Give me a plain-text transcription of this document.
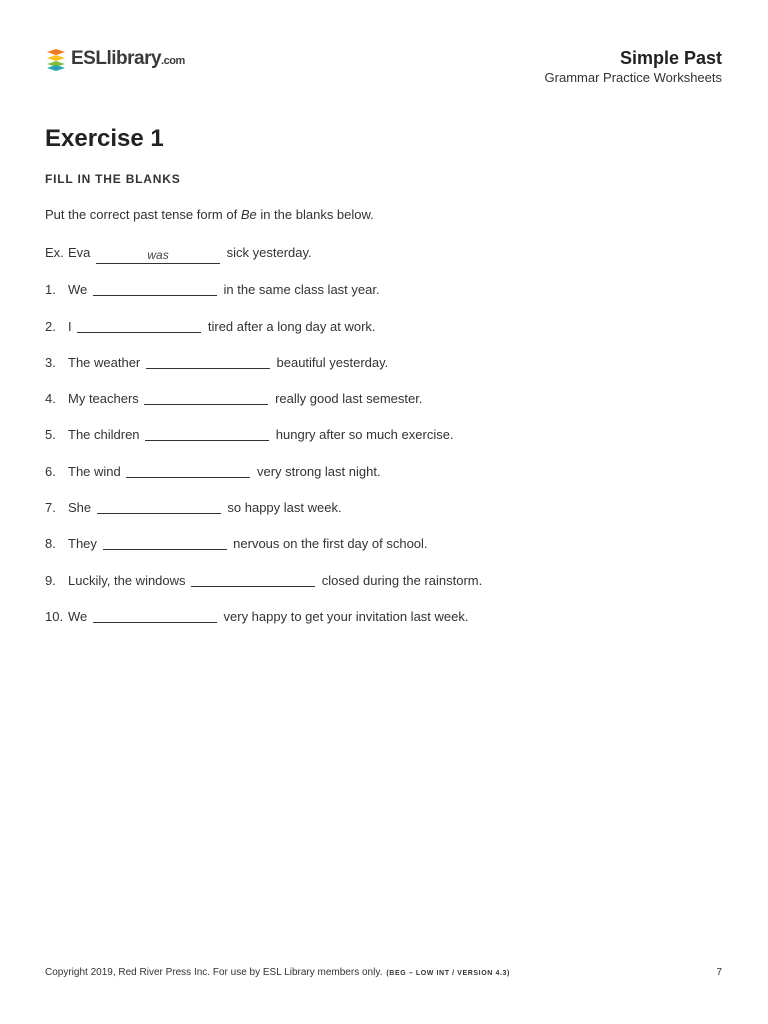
ESLlibrary.com	Simple Past
Grammar Practice Worksheets
Exercise 1
FILL IN THE BLANKS
Put the correct past tense form of Be in the blanks below.
Ex. Eva	was	sick yesterday.
1. We	in the same class last year.
2. I	tired after a long day at work.
3. The weather	beautiful yesterday.
4. My teachers	really good last semester.
5. The children	hungry after so much exercise.
6. The wind	very strong last night.
7. She	so happy last week.
8. They	nervous on the first day of school.
9. Luckily, the windows	closed during the rainstorm.
10. We	very happy to get your invitation last week.
Copyright 2019, Red River Press Inc. For use by ESL Library members only. (BEG – LOW INT / VERSION 4.3)	7
